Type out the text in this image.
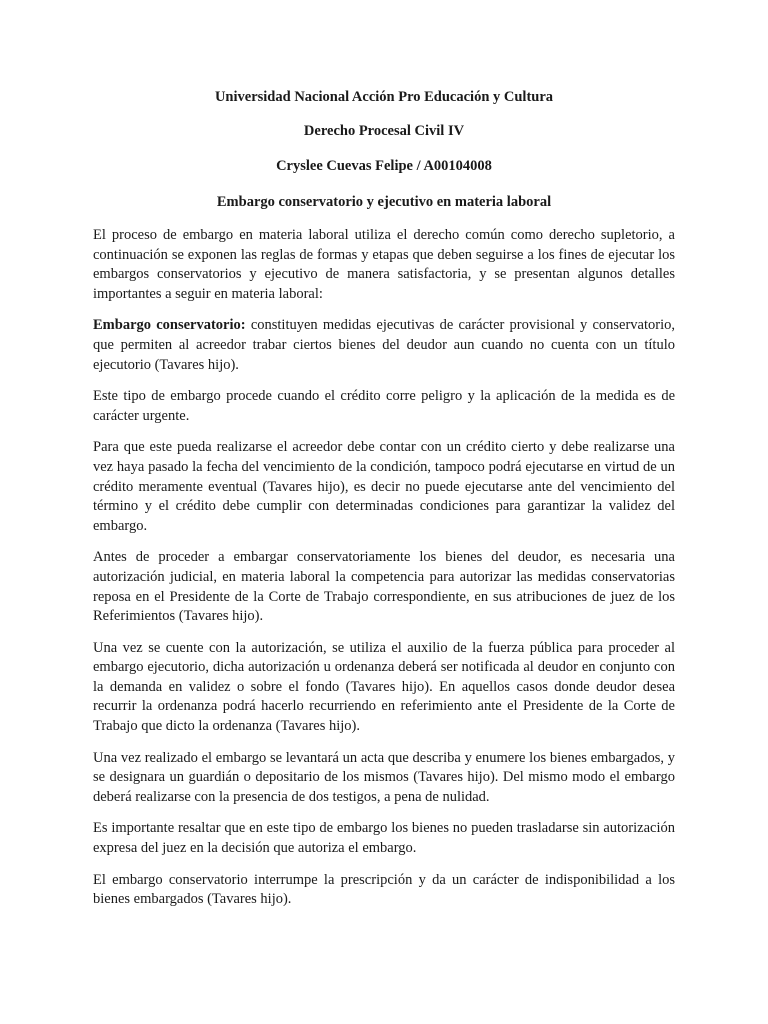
Universidad Nacional Acción Pro Educación y Cultura
Derecho Procesal Civil IV
Cryslee Cuevas Felipe / A00104008
Embargo conservatorio y ejecutivo en materia laboral

El proceso de embargo en materia laboral utiliza el derecho común como derecho supletorio, a continuación se exponen las reglas de formas y etapas que deben seguirse a los fines de ejecutar los embargos conservatorios y ejecutivo de manera satisfactoria, y se presentan algunos detalles importantes a seguir en materia laboral:

Embargo conservatorio: constituyen medidas ejecutivas de carácter provisional y conservatorio, que permiten al acreedor trabar ciertos bienes del deudor aun cuando no cuenta con un título ejecutorio (Tavares hijo).

Este tipo de embargo procede cuando el crédito corre peligro y la aplicación de la medida es de carácter urgente.

Para que este pueda realizarse el acreedor debe contar con un crédito cierto y debe realizarse una vez haya pasado la fecha del vencimiento de la condición, tampoco podrá ejecutarse en virtud de un crédito meramente eventual (Tavares hijo), es decir no puede ejecutarse ante del vencimiento del término y el crédito debe cumplir con determinadas condiciones para garantizar la validez del embargo.

Antes de proceder a embargar conservatoriamente los bienes del deudor, es necesaria una autorización judicial, en materia laboral la competencia para autorizar las medidas conservatorias reposa en el Presidente de la Corte de Trabajo correspondiente, en sus atribuciones de juez de los Referimientos (Tavares hijo).

Una vez se cuente con la autorización, se utiliza el auxilio de la fuerza pública para proceder al embargo ejecutorio, dicha autorización u ordenanza deberá ser notificada al deudor en conjunto con la demanda en validez o sobre el fondo (Tavares hijo). En aquellos casos donde deudor desea recurrir la ordenanza podrá hacerlo recurriendo en referimiento ante el Presidente de la Corte de Trabajo que dicto la ordenanza (Tavares hijo).

Una vez realizado el embargo se levantará un acta que describa y enumere los bienes embargados, y se designara un guardián o depositario de los mismos (Tavares hijo). Del mismo modo el embargo deberá realizarse con la presencia de dos testigos, a pena de nulidad.

Es importante resaltar que en este tipo de embargo los bienes no pueden trasladarse sin autorización expresa del juez en la decisión que autoriza el embargo.

El embargo conservatorio interrumpe la prescripción y da un carácter de indisponibilidad a los bienes embargados (Tavares hijo).
